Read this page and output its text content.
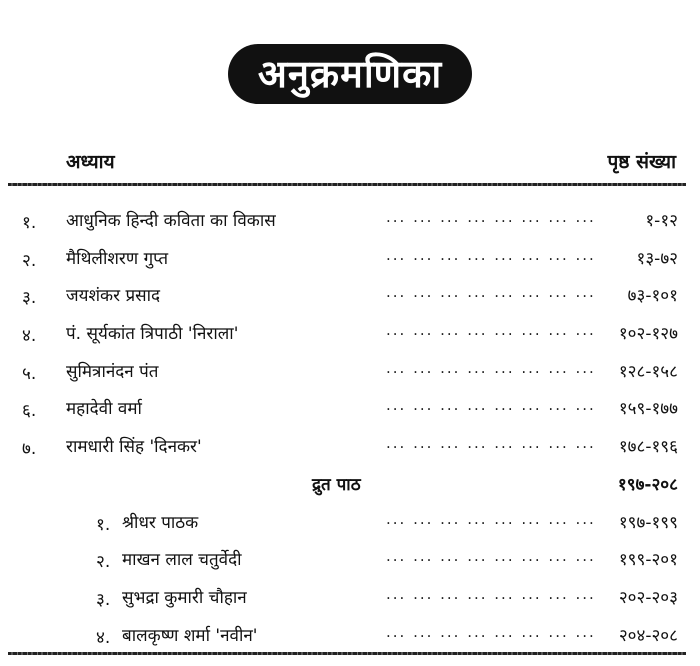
अनुक्रमणिका
अध्याय	पृष्ठ संख्या
१. आधुनिक हिन्दी कविता का विकास	... ... ... ... ... ... ... ...	१-१२
२. मैथिलीशरण गुप्त	... ... ... ... ... ... ... ... १३-७२
३. जयशंकर प्रसाद	... ... ... ... ... ... ... ... ७३-१०१
४. पं. सूर्यकांत त्रिपाठी 'निराला'	... ... ... ... ... ... ... ... १०२-१२७
५. सुमित्रानंदन पंत	... ... ... ... ... ... ... ... १२८-१५८
६. महादेवी वर्मा	... ... ... ... ... ... ... ... १५९-१७७
७. रामधारी सिंह 'दिनकर'	... ... ... ... ... ... ... ... १७८-१९६
द्रुत पाठ	१९७-२०८
१. श्रीधर पाठक	... ... ... ... ... ... ... ... १९७-१९९
२. माखन लाल चतुर्वेदी	... ... ... ... ... ... ... ... १९९-२०१
३. सुभद्रा कुमारी चौहान	... ... ... ... ... ... ... ... २०२-२०३
४. बालकृष्ण शर्मा 'नवीन'	... ... ... ... ... ... ... ... २०४-२०८
